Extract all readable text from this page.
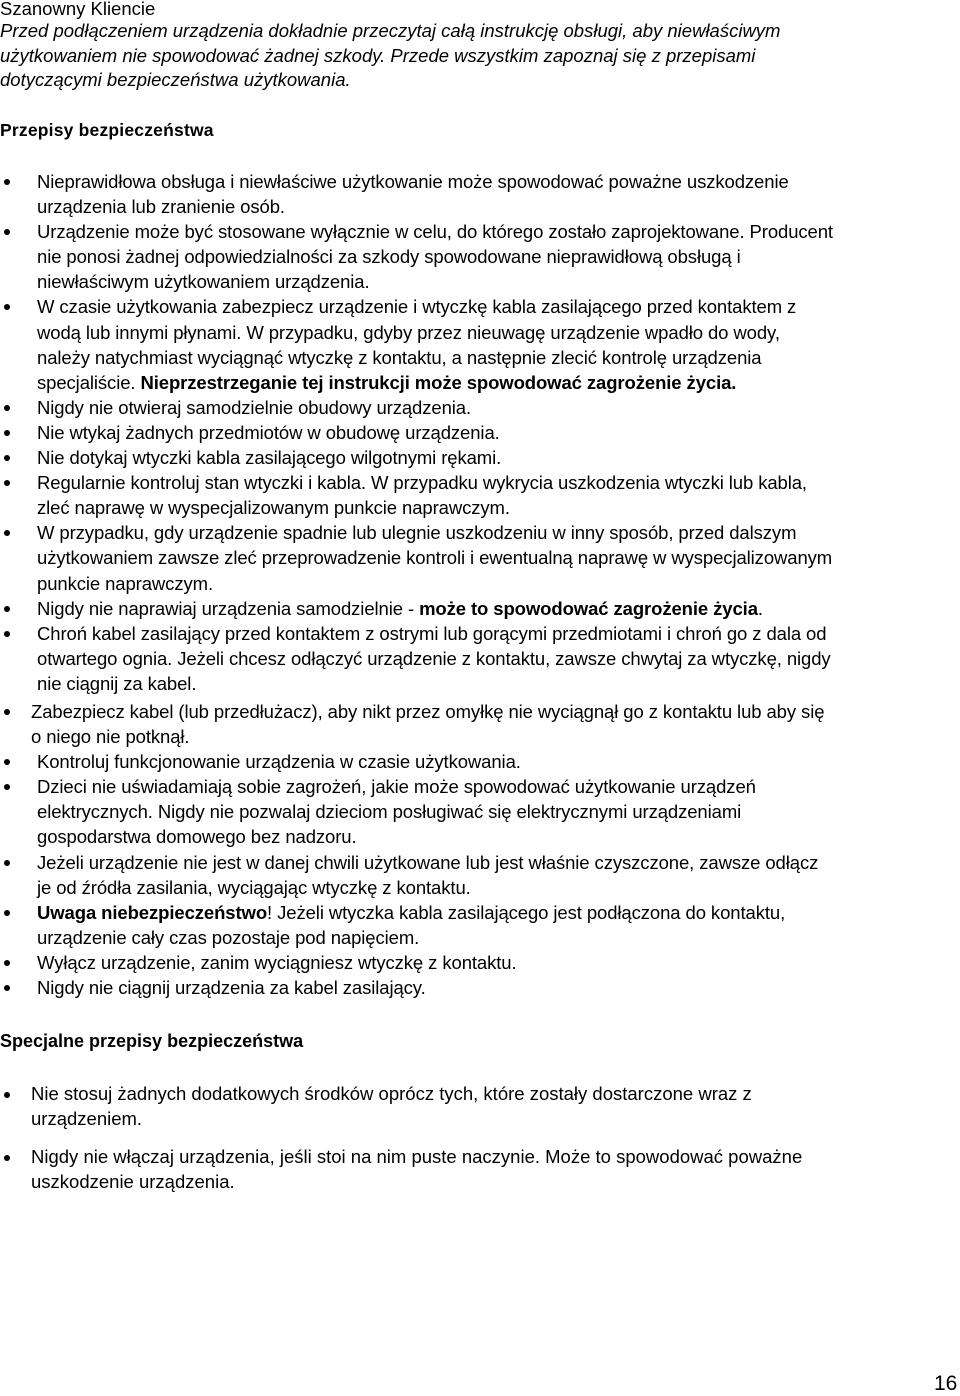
Szanowny Kliencie
Przed podłączeniem urządzenia dokładnie przeczytaj całą instrukcję obsługi, aby niewłaściwym
użytkowaniem nie spowodować żadnej szkody. Przede wszystkim zapoznaj się z przepisami
dotyczącymi bezpieczeństwa użytkowania.
Przepisy bezpieczeństwa
Nieprawidłowa obsługa i niewłaściwe użytkowanie może spowodować poważne uszkodzenie
urządzenia lub zranienie osób.
Urządzenie może być stosowane wyłącznie w celu, do którego zostało zaprojektowane. Producent
nie ponosi żadnej odpowiedzialności za szkody spowodowane nieprawidłową obsługą i
niewłaściwym użytkowaniem urządzenia.
W czasie użytkowania zabezpiecz urządzenie i wtyczkę kabla zasilającego przed kontaktem z
wodą lub innymi płynami. W przypadku, gdyby przez nieuwagę urządzenie wpadło do wody,
należy natychmiast wyciągnąć wtyczkę z kontaktu, a następnie zlecić kontrolę urządzenia
specjaliście. Nieprzestrzeganie tej instrukcji może spowodować zagrożenie życia.
Nigdy nie otwieraj samodzielnie obudowy urządzenia.
Nie wtykaj żadnych przedmiotów w obudowę urządzenia.
Nie dotykaj wtyczki kabla zasilającego wilgotnymi rękami.
Regularnie kontroluj stan wtyczki i kabla. W przypadku wykrycia uszkodzenia wtyczki lub kabla,
zleć naprawę w wyspecjalizowanym punkcie naprawczym.
W przypadku, gdy urządzenie spadnie lub ulegnie uszkodzeniu w inny sposób, przed dalszym
użytkowaniem zawsze zleć przeprowadzenie kontroli i ewentualną naprawę w wyspecjalizowanym
punkcie naprawczym.
Nigdy nie naprawiaj urządzenia samodzielnie - może to spowodować zagrożenie życia.
Chroń kabel zasilający przed kontaktem z ostrymi lub gorącymi przedmiotami i chroń go z dala od
otwartego ognia. Jeżeli chcesz odłączyć urządzenie z kontaktu, zawsze chwytaj za wtyczkę, nigdy
nie ciągnij za kabel.
Zabezpiecz kabel (lub przedłużacz), aby nikt przez omyłkę nie wyciągnął go z kontaktu lub aby się
o niego nie potknął.
Kontroluj funkcjonowanie urządzenia w czasie użytkowania.
Dzieci nie uświadamiają sobie zagrożeń, jakie może spowodować użytkowanie urządzeń
elektrycznych. Nigdy nie pozwalaj dzieciom posługiwać się elektrycznymi urządzeniami
gospodarstwa domowego bez nadzoru.
Jeżeli urządzenie nie jest w danej chwili użytkowane lub jest właśnie czyszczone, zawsze odłącz
je od źródła zasilania, wyciągając wtyczkę z kontaktu.
Uwaga niebezpieczeństwo! Jeżeli wtyczka kabla zasilającego jest podłączona do kontaktu,
urządzenie cały czas pozostaje pod napięciem.
Wyłącz urządzenie, zanim wyciągniesz wtyczkę z kontaktu.
Nigdy nie ciągnij urządzenia za kabel zasilający.
Specjalne przepisy bezpieczeństwa
Nie stosuj żadnych dodatkowych środków oprócz tych, które zostały dostarczone wraz z
urządzeniem.
Nigdy nie włączaj urządzenia, jeśli stoi na nim puste naczynie. Może to spowodować poważne
uszkodzenie urządzenia.
16
